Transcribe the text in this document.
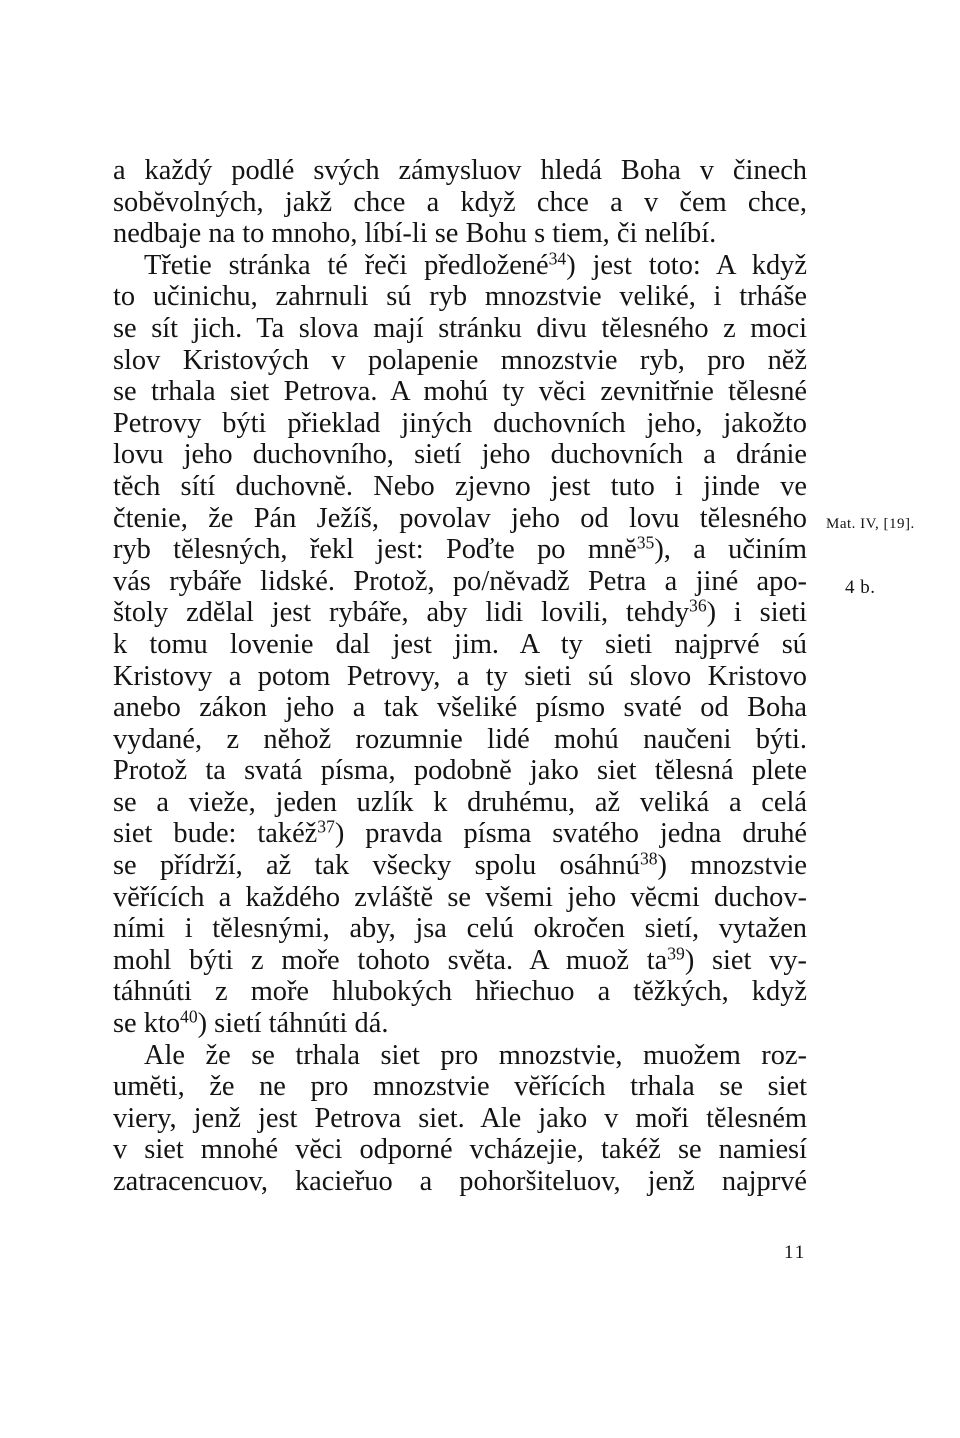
a každý podlé svých zámysluov hledá Boha v činech
sobĕvolných, jakž chce a když chce a v čem chce,
nedbaje na to mnoho, líbí-li se Bohu s tiem, či nelíbí.
Třetie stránka té řeči předložené$^{34}$) jest toto: A když
to učinichu, zahrnuli sú ryb mnozstvie veliké, i trháše
se sít jich. Ta slova mají stránku divu tĕlesného z moci
slov Kristových v polapenie mnozstvie ryb, pro nĕž
se trhala siet Petrova. A mohú ty vĕci zevnitřnie tĕlesné
Petrovy býti přieklad jiných duchovních jeho, jakožto
lovu jeho duchovního, sietí jeho duchovních a dránie
tĕch sítí duchovnĕ. Nebo zjevno jest tuto i jinde ve
čtenie, že Pán Ježíš, povolav jeho od lovu tĕlesného
ryb tĕlesných, řekl jest: Poďte po mnĕ$^{35}$), a učiním
vás rybáře lidské. Protož, po/nĕvadž Petra a jiné apo-
štoly zdĕlal jest rybáře, aby lidi lovili, tehdy$^{36}$) i sieti
k tomu lovenie dal jest jim. A ty sieti najprvé sú
Kristovy a potom Petrovy, a ty sieti sú slovo Kristovo
anebo zákon jeho a tak všeliké písmo svaté od Boha
vydané, z nĕhož rozumnie lidé mohú naučeni býti.
Protož ta svatá písma, podobnĕ jako siet tĕlesná plete
se a vieže, jeden uzlík k druhému, až veliká a celá
siet bude: takéž$^{37}$) pravda písma svatého jedna druhé
se přídrží, až tak všecky spolu osáhnú$^{38}$) mnozstvie
vĕřících a každého zvláštĕ se všemi jeho vĕcmi duchov-
ními i tĕlesnými, aby, jsa celú okročen sietí, vytažen
mohl býti z moře tohoto svĕta. A muož $ta^{39}$) siet vy-
táhnúti z moře hlubokých hřiechuo a tĕžkých, když
se kto$^{40}$) sietí táhnúti dá.
Ale že se trhala siet pro mnozstvie, muožem roz-
umĕti, že ne pro mnozstvie vĕřících trhala se siet
viery, jenž jest Petrova siet. Ale jako v moři tĕlesném
v siet mnohé vĕci odporné vcházejie, takéž se namiesí
zatracencuov, kacieřuo a pohoršiteluov, jenž najprvé
Mat. IV, [19].
4 b.
11
